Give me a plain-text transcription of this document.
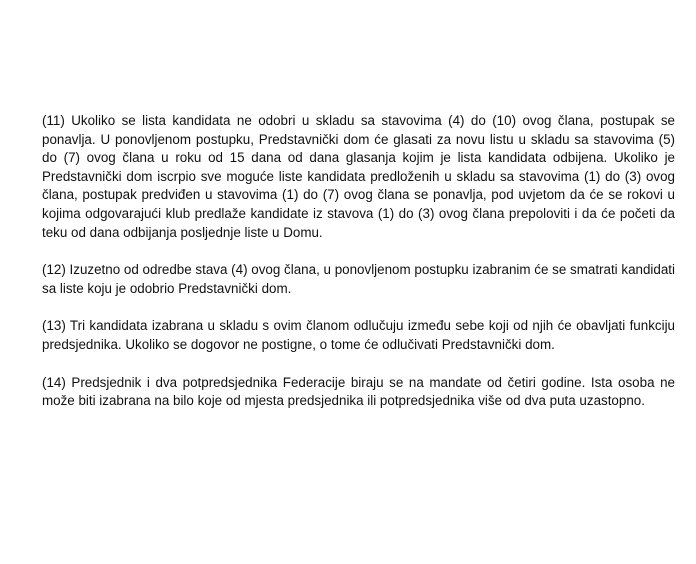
(11) Ukoliko se lista kandidata ne odobri u skladu sa stavovima (4) do (10) ovog člana, postupak se ponavlja. U ponovljenom postupku, Predstavnički dom će glasati za novu listu u skladu sa stavovima (5) do (7) ovog člana u roku od 15 dana od dana glasanja kojim je lista kandidata odbijena. Ukoliko je Predstavnički dom iscrpio sve moguće liste kandidata predloženih u skladu sa stavovima (1) do (3) ovog člana, postupak predviđen u stavovima (1) do (7) ovog člana se ponavlja, pod uvjetom da će se rokovi u kojima odgovarajući klub predlaže kandidate iz stavova (1) do (3) ovog člana prepoloviti i da će početi da teku od dana odbijanja posljednje liste u Domu.

(12) Izuzetno od odredbe stava (4) ovog člana, u ponovljenom postupku izabranim će se smatrati kandidati sa liste koju je odobrio Predstavnički dom.

(13) Tri kandidata izabrana u skladu s ovim članom odlučuju između sebe koji od njih će obavljati funkciju predsjednika. Ukoliko se dogovor ne postigne, o tome će odlučivati Predstavnički dom.

(14) Predsjednik i dva potpredsjednika Federacije biraju se na mandate od četiri godine. Ista osoba ne može biti izabrana na bilo koje od mjesta predsjednika ili potpredsjednika više od dva puta uzastopno.
